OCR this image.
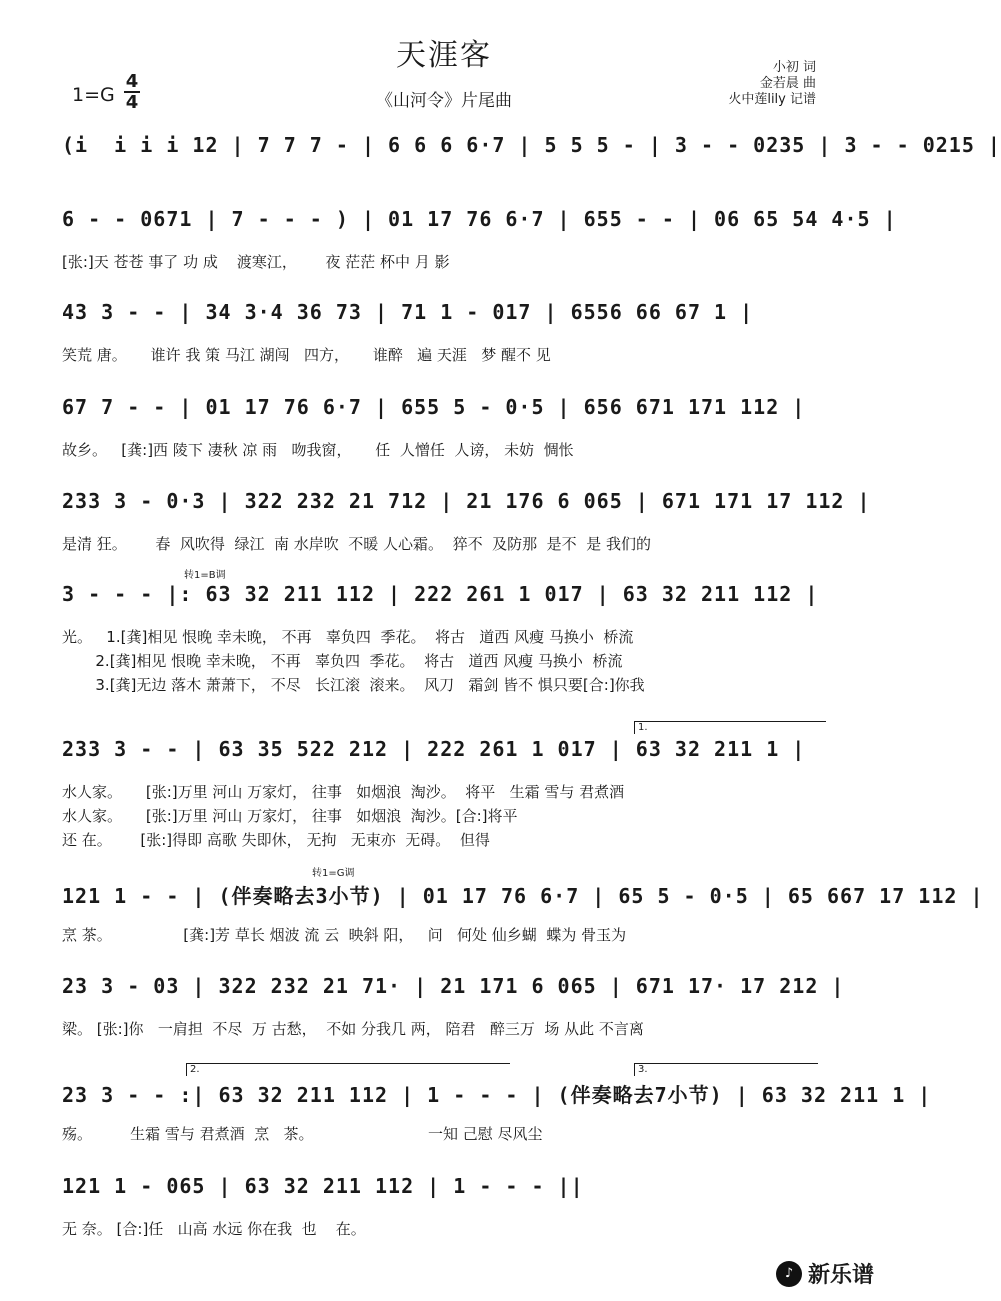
天涯客
《山河令》片尾曲
1=G
4
4
小初 词
金若晨 曲
火中莲lily 记谱
(i  i i i 12 | 7 7 7 - | 6 6 6 6·7 | 5 5 5 - | 3 - - 0235 | 3 - - 0215 |
6 - - 0671 | 7 - - - ) | 01 17 76 6·7 | 655 - - | 06 65 54 4·5 |
[张:]天 苍苍 事了 功 成    渡寒江，      夜 茫茫 杯中 月 影
43 3 - - | 34 3·4 36 73 | 71 1 - 017 | 6556 66 67 1 |
笑荒 唐。     谁许 我 策 马江 湖闯   四方，     谁醉   遍 天涯   梦 醒不 见
67 7 - - | 01 17 76 6·7 | 655 5 - 0·5 | 656 671 171 112 |
故乡。   [龚:]西 陵下 凄秋 凉 雨   吻我窗，     任  人憎任  人谤， 未妨  惆怅
233 3 - 0·3 | 322 232 21 712 | 21 176 6 065 | 671 171 17 112 |
是清 狂。      春  风吹得  绿江  南 水岸吹  不暖 人心霜。  猝不  及防那  是不  是 我们的
转1=B调
3 - - - |: 63 32 211 112 | 222 261 1 017 | 63 32 211 112 |
光。   1.[龚]相见 恨晚 幸未晚， 不再   辜负四  季花。  将古   道西 风瘦 马换小  桥流
2.[龚]相见 恨晚 幸未晚， 不再   辜负四  季花。  将古   道西 风瘦 马换小  桥流
3.[龚]无边 落木 萧萧下， 不尽   长江滚  滚来。  风刀   霜剑 皆不 惧只要[合:]你我
1.
233 3 - - | 63 35 522 212 | 222 261 1 017 | 63 32 211 1 |
水人家。     [张:]万里 河山 万家灯， 往事   如烟浪  淘沙。  将平   生霜 雪与 君煮酒
水人家。     [张:]万里 河山 万家灯， 往事   如烟浪  淘沙。[合:]将平
还 在。      [张:]得即 高歌 失即休， 无拘   无束亦  无碍。  但得
转1=G调
121 1 - - | (伴奏略去3小节) | 01 17 76 6·7 | 65 5 - 0·5 | 65 667 17 112 |
烹 茶。               [龚:]芳 草长 烟波 流 云  映斜 阳，   问   何处 仙乡蝴  蝶为 骨玉为
23 3 - 03 | 322 232 21 71· | 21 171 6 065 | 671 17· 17 212 |
梁。 [张:]你   一肩担  不尽  万 古愁，  不如 分我几 两， 陪君   醉三万  场 从此 不言离
2.	3.
23 3 - - :| 63 32 211 112 | 1 - - - | (伴奏略去7小节) | 63 32 211 1 |
殇。        生霜 雪与 君煮酒  烹   茶。                        一知 己慰 尽风尘
121 1 - 065 | 63 32 211 112 | 1 - - - ||
无 奈。 [合:]任   山高 水远 你在我  也    在。
♪ 新乐谱
